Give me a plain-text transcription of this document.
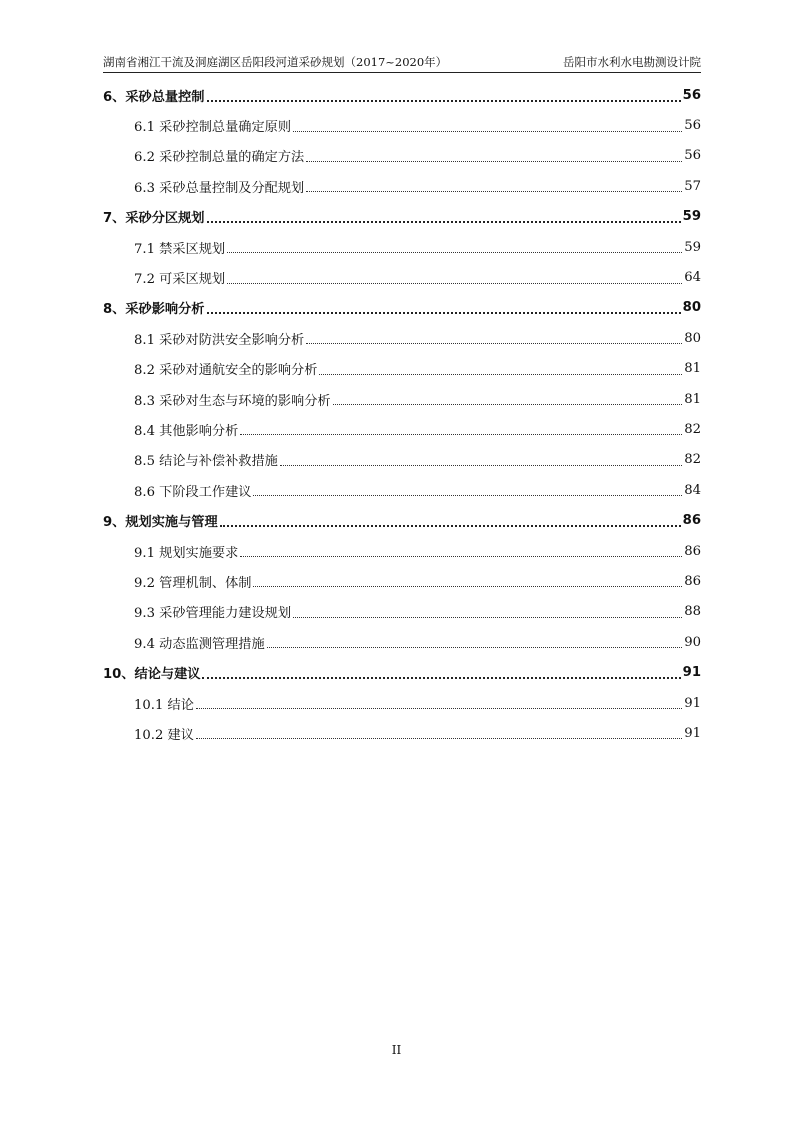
湖南省湘江干流及洞庭湖区岳阳段河道采砂规划（2017~2020年）	岳阳市水利水电勘测设计院
6、采砂总量控制	56
6.1 采砂控制总量确定原则	56
6.2 采砂控制总量的确定方法	56
6.3 采砂总量控制及分配规划	57
7、采砂分区规划	59
7.1 禁采区规划	59
7.2 可采区规划	64
8、采砂影响分析	80
8.1 采砂对防洪安全影响分析	80
8.2 采砂对通航安全的影响分析	81
8.3 采砂对生态与环境的影响分析	81
8.4 其他影响分析	82
8.5 结论与补偿补救措施	82
8.6 下阶段工作建议	84
9、规划实施与管理	86
9.1 规划实施要求	86
9.2 管理机制、体制	86
9.3 采砂管理能力建设规划	88
9.4 动态监测管理措施	90
10、结论与建议	91
10.1 结论	91
10.2 建议	91
II
